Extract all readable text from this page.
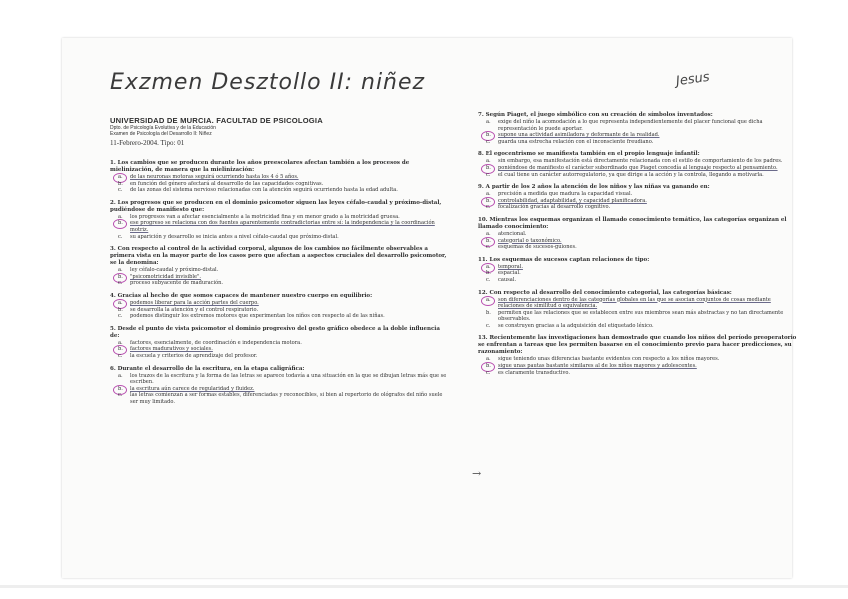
Exzmen Desztollo II: niñez	Jesus
UNIVERSIDAD DE MURCIA. FACULTAD DE PSICOLOGIA
Dpto. de Psicología Evolutiva y de la Educación
Examen de Psicología del Desarrollo II: Niñez
11-Febrero-2004. Tipo: 01
1. Los cambios que se producen durante los años preescolares afectan también a los procesos de mielinización, de manera que la mielinización:
a. de las neuronas motoras seguirá ocurriendo hasta los 4 ó 5 años.
b. en función del género afectará al desarrollo de las capacidades cognitivas.
c. de las zonas del sistema nervioso relacionadas con la atención seguirá ocurriendo hasta la edad adulta.
2. Los progresos que se producen en el dominio psicomotor siguen las leyes céfalo-caudal y próximo-distal, pudiéndose de manifiesto que:
a. los progresos van a afectar esencialmente a la motricidad fina y en menor grado a la motricidad gruesa.
b. ese progreso se relaciona con dos fuentes aparentemente contradictorias entre sí: la independencia y la coordinación motriz.
c. su aparición y desarrollo se inicia antes a nivel céfalo-caudal que próximo-distal.
3. Con respecto al control de la actividad corporal, algunos de los cambios no fácilmente observables a primera vista en la mayor parte de los casos pero que afectan a aspectos cruciales del desarrollo psicomotor, se la denomina:
a. ley céfalo-caudal y próximo-distal.
b. "psicomotricidad invisible".
c. proceso subyacente de maduración.
4. Gracias al hecho de que somos capaces de mantener nuestro cuerpo en equilibrio:
a. podemos liberar para la acción partes del cuerpo.
b. se desarrolla la atención y el control respiratorio.
c. podemos distinguir los extremos motores que experimentan los niños con respecto al de las niñas.
5. Desde el punto de vista psicomotor el dominio progresivo del gesto gráfico obedece a la doble influencia de:
a. factores, esencialmente, de coordinación e independencia motora.
b. factores madurativos y sociales.
c. la escuela y criterios de aprendizaje del profesor.
6. Durante el desarrollo de la escritura, en la etapa caligráfica:
a. los trazos de la escritura y la forma de las letras se aparece todavía a una situación en la que se dibujan letras más que se escriben.
b. la escritura aún carece de regularidad y fluidez.
c. las letras comienzan a ser formas estables, diferenciadas y reconocibles, si bien al repertorio de ológrafos del niño suele ser muy limitado.
7. Según Piaget, el juego simbólico con su creación de símbolos inventados:
a. exige del niño la acomodación a lo que representa independientemente del placer funcional que dicha representación le puede aportar.
b. supone una actividad asimiladora y deformante de la realidad.
c. guarda una estrecha relación con el inconsciente freudiano.
8. El egocentrismo se manifiesta también en el propio lenguaje infantil:
a. sin embargo, esa manifestación está directamente relacionada con el estilo de comportamiento de los padres.
b. poniéndose de manifiesto el carácter subordinado que Piaget concedía al lenguaje respecto al pensamiento.
c. el cual tiene un carácter autorregulatorio, ya que dirige a la acción y la controla, llegando a motivarla.
9. A partir de los 2 años la atención de los niños y las niñas va ganando en:
a. precisión a medida que madura la capacidad visual.
b. controlabilidad, adaptabilidad, y capacidad planificadora.
c. focalización gracias al desarrollo cognitivo.
10. Mientras los esquemas organizan el llamado conocimiento temático, las categorías organizan el llamado conocimiento:
a. atencional.
b. categorial o taxonómico.
c. esquemas de sucesos-guiones.
11. Los esquemas de sucesos captan relaciones de tipo:
a. temporal.
b. espacial.
c. causal.
12. Con respecto al desarrollo del conocimiento categorial, las categorías básicas:
a. son diferenciaciones dentro de las categorías globales en las que se asocian conjuntos de cosas mediante relaciones de similitud o equivalencia.
b. permiten que las relaciones que se establecen entre sus miembros sean más abstractas y no tan directamente observables.
c. se construyen gracias a la adquisición del etiquetado léxico.
13. Recientemente las investigaciones han demostrado que cuando los niños del período preoperatorio se enfrentan a tareas que les permiten basarse en el conocimiento previo para hacer predicciones, su razonamiento:
a. sigue teniendo unas diferencias bastante evidentes con respecto a los niños mayores.
b. sigue unas pautas bastante similares al de los niños mayores y adolescentes.
c. es claramente transductivo.
→
